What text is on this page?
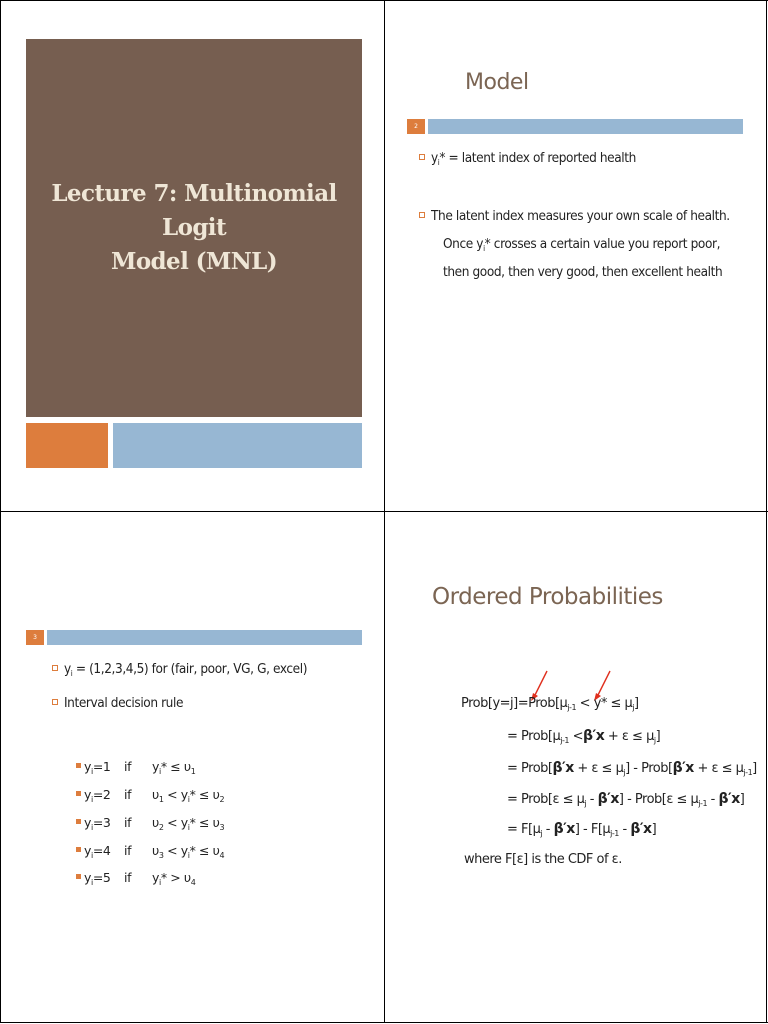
Lecture 7: Multinomial Logit
Model (MNL)
Model
2
$y_i*$ = latent index of reported health
The latent index measures your own scale of health.
Once $y_i*$ crosses a certain value you report poor,
then good, then very good, then excellent health
3
$y_i = (1,2,3,4,5)$ for (fair, poor, VG, G, excel)
Interval decision rule
$y_i=1$ if $y_i* \le \upsilon_1$
$y_i=2$ if $\upsilon_1 < y_i* \le \upsilon_2$
$y_i=3$ if $\upsilon_2 < y_i* \le \upsilon_3$
$y_i=4$ if $\upsilon_3 < y_i* \le \upsilon_4$
$y_i=5$ if $y_i* > \upsilon_4$
Ordered Probabilities
$Prob[y=j]=Prob[\mu_{j-1} < y* \le \mu_j]$
= $Prob[\mu_{j-1} <\beta'x + \varepsilon \le \mu_j]$
= Prob[β′x + $\varepsilon \le \mu_j$] - Prob[β′x + $\varepsilon \le \mu_{j-1}$]
= Prob[ε ≤ $\mu_j - \beta'x$] - Prob[ε ≤ $\mu_{j-1} - \beta'x$]
= $F[\mu_j - \beta'x] - F[\mu_{j-1} - \beta'x]$
where F[ε] is the CDF of ε.
